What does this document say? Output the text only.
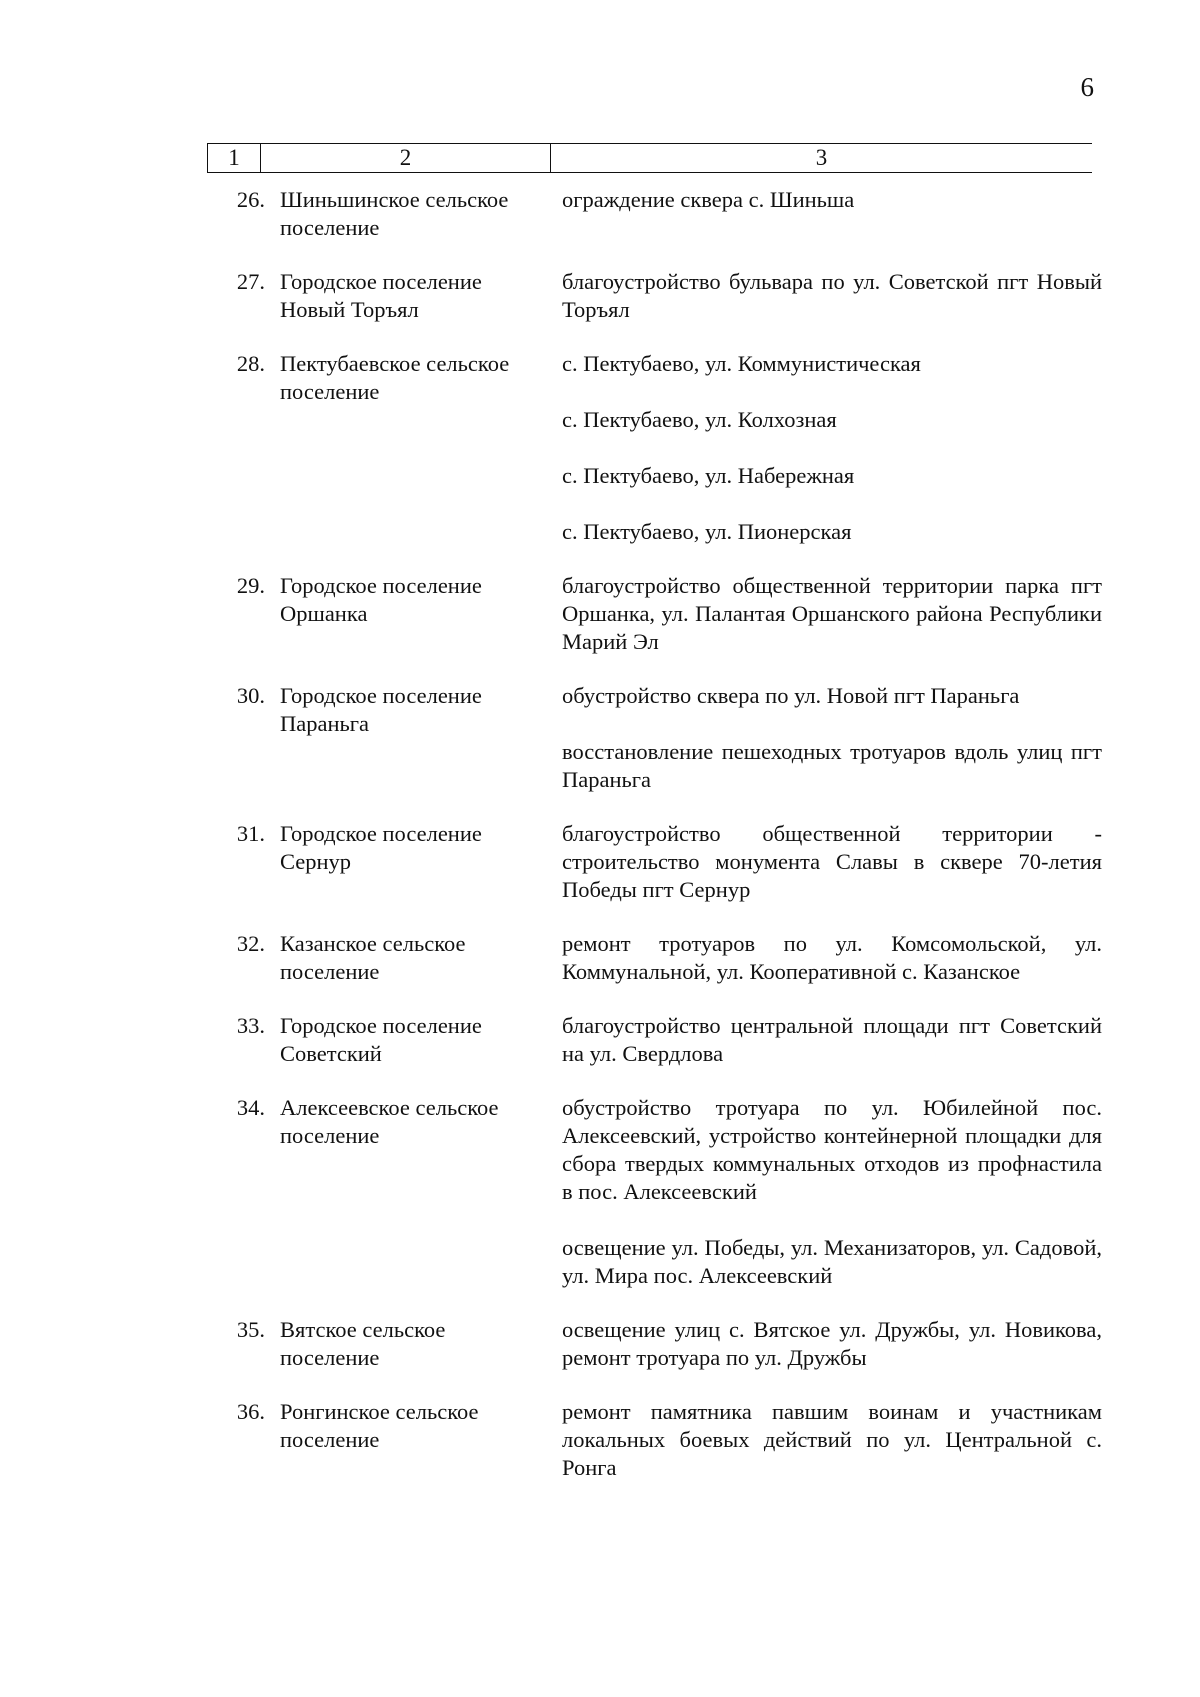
6
1	2	3
26. Шиньшинское сельское
поселение
ограждение сквера с. Шиньша
27. Городское поселение
Новый Торъял
благоустройство бульвара по ул. Советской пгт Новый Торъял
28. Пектубаевское сельское
поселение
с. Пектубаево, ул. Коммунистическая
с. Пектубаево, ул. Колхозная
с. Пектубаево, ул. Набережная
с. Пектубаево, ул. Пионерская
29. Городское поселение
Оршанка
благоустройство общественной территории парка пгт Оршанка, ул. Палантая Оршанского района Республики Марий Эл
30. Городское поселение
Параньга
обустройство сквера по ул. Новой пгт Параньга
восстановление пешеходных тротуаров вдоль улиц пгт Параньга
31. Городское поселение
Сернур
благоустройство общественной территории - строительство монумента Славы в сквере 70-летия Победы пгт Сернур
32. Казанское сельское
поселение
ремонт тротуаров по ул. Комсомольской, ул. Коммунальной, ул. Кооперативной с. Казанское
33. Городское поселение
Советский
благоустройство центральной площади пгт Советский на ул. Свердлова
34. Алексеевское сельское
поселение
обустройство тротуара по ул. Юбилейной пос. Алексеевский, устройство контейнерной площадки для сбора твердых коммунальных отходов из профнастила в пос. Алексеевский
освещение ул. Победы, ул. Механизаторов, ул. Садовой, ул. Мира пос. Алексеевский
35. Вятское сельское
поселение
освещение улиц с. Вятское ул. Дружбы, ул. Новикова, ремонт тротуара по ул. Дружбы
36. Ронгинское сельское
поселение
ремонт памятника павшим воинам и участникам локальных боевых действий по ул. Центральной с. Ронга
